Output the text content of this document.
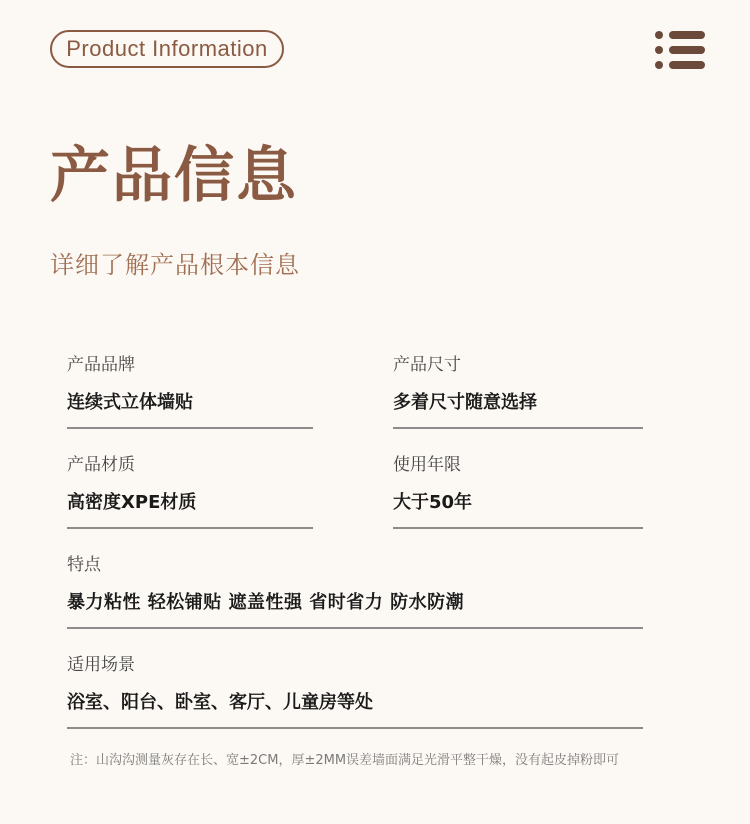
Product Information
产品信息
详细了解产品根本信息
产品品牌
连续式立体墙贴
产品尺寸
多着尺寸随意选择
产品材质
高密度XPE材质
使用年限
大于50年
特点
暴力粘性 轻松铺贴 遮盖性强 省时省力 防水防潮
适用场景
浴室、阳台、卧室、客厅、儿童房等处
注：山沟沟测量灰存在长、宽±2CM，厚±2MM误差墙面满足光滑平整干燥，没有起皮掉粉即可
